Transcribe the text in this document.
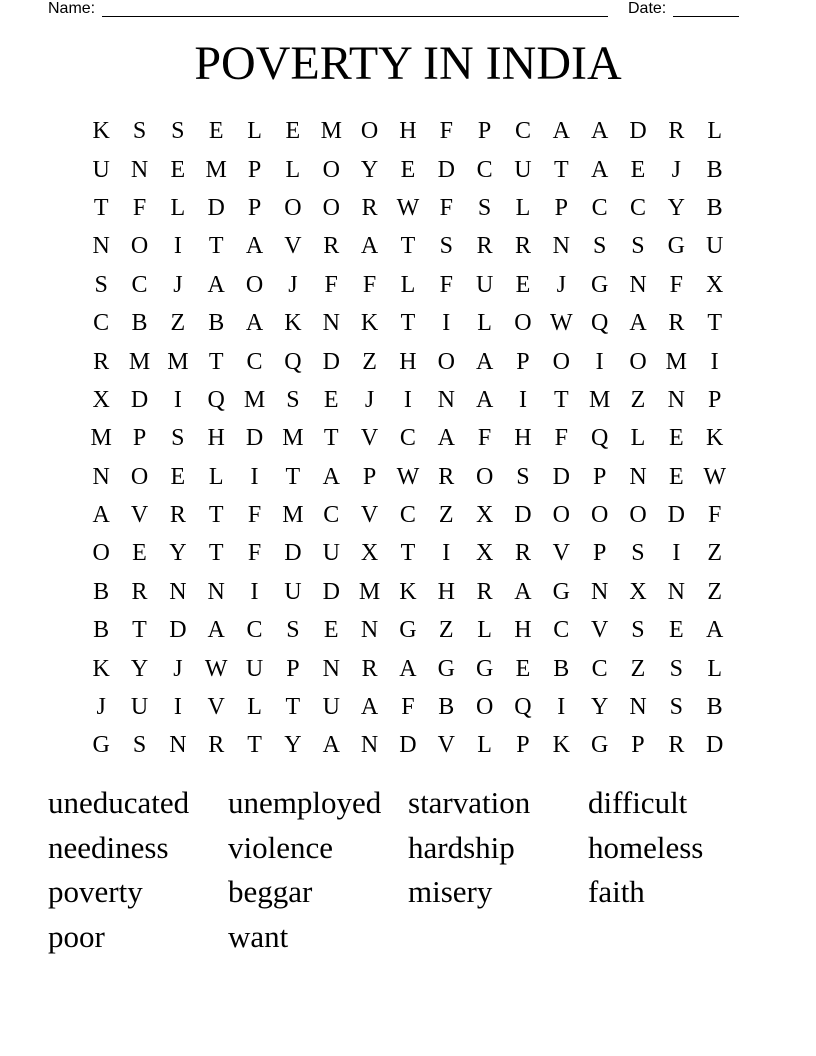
Name:	Date:
POVERTY IN INDIA
K S	S	E L E M O H F	P C A A D R L
U N E M P	L O Y E D C U T A E	J	B
T	F	L D P O O R W F	S	L	P C C Y B
N O	I	T A V R A T	S R R N S	S G U
S C	J	A O	J	F	F	L	F U E	J	G N F X
C B Z B A K N K T	I	L O W Q A R T
R M M T C Q D Z H O A P O	I	O M I
X D	I	Q M S	E	J	I	N A	I	T M Z N P
M P	S H D M T V C A F H F Q L E K
N O E L	I	T A P W R O S D P N E W
A V R T	F M C V C Z X D O O O D F
O E Y T	F D U X T	I	X R V P	S	I	Z
B R N N	I	U D M K H R A G N X N Z
B T D A C S	E N G Z L H C V S	E A
K Y	J W U P N R A G G E B C Z	S	L
J	U	I	V L T U A F B O Q	I	Y N S B
G S N R T Y A N D V L	P K G P R D
uneducated	unemployed starvation	difficult
neediness	violence	hardship	homeless
poverty	beggar	misery	faith
poor	want
